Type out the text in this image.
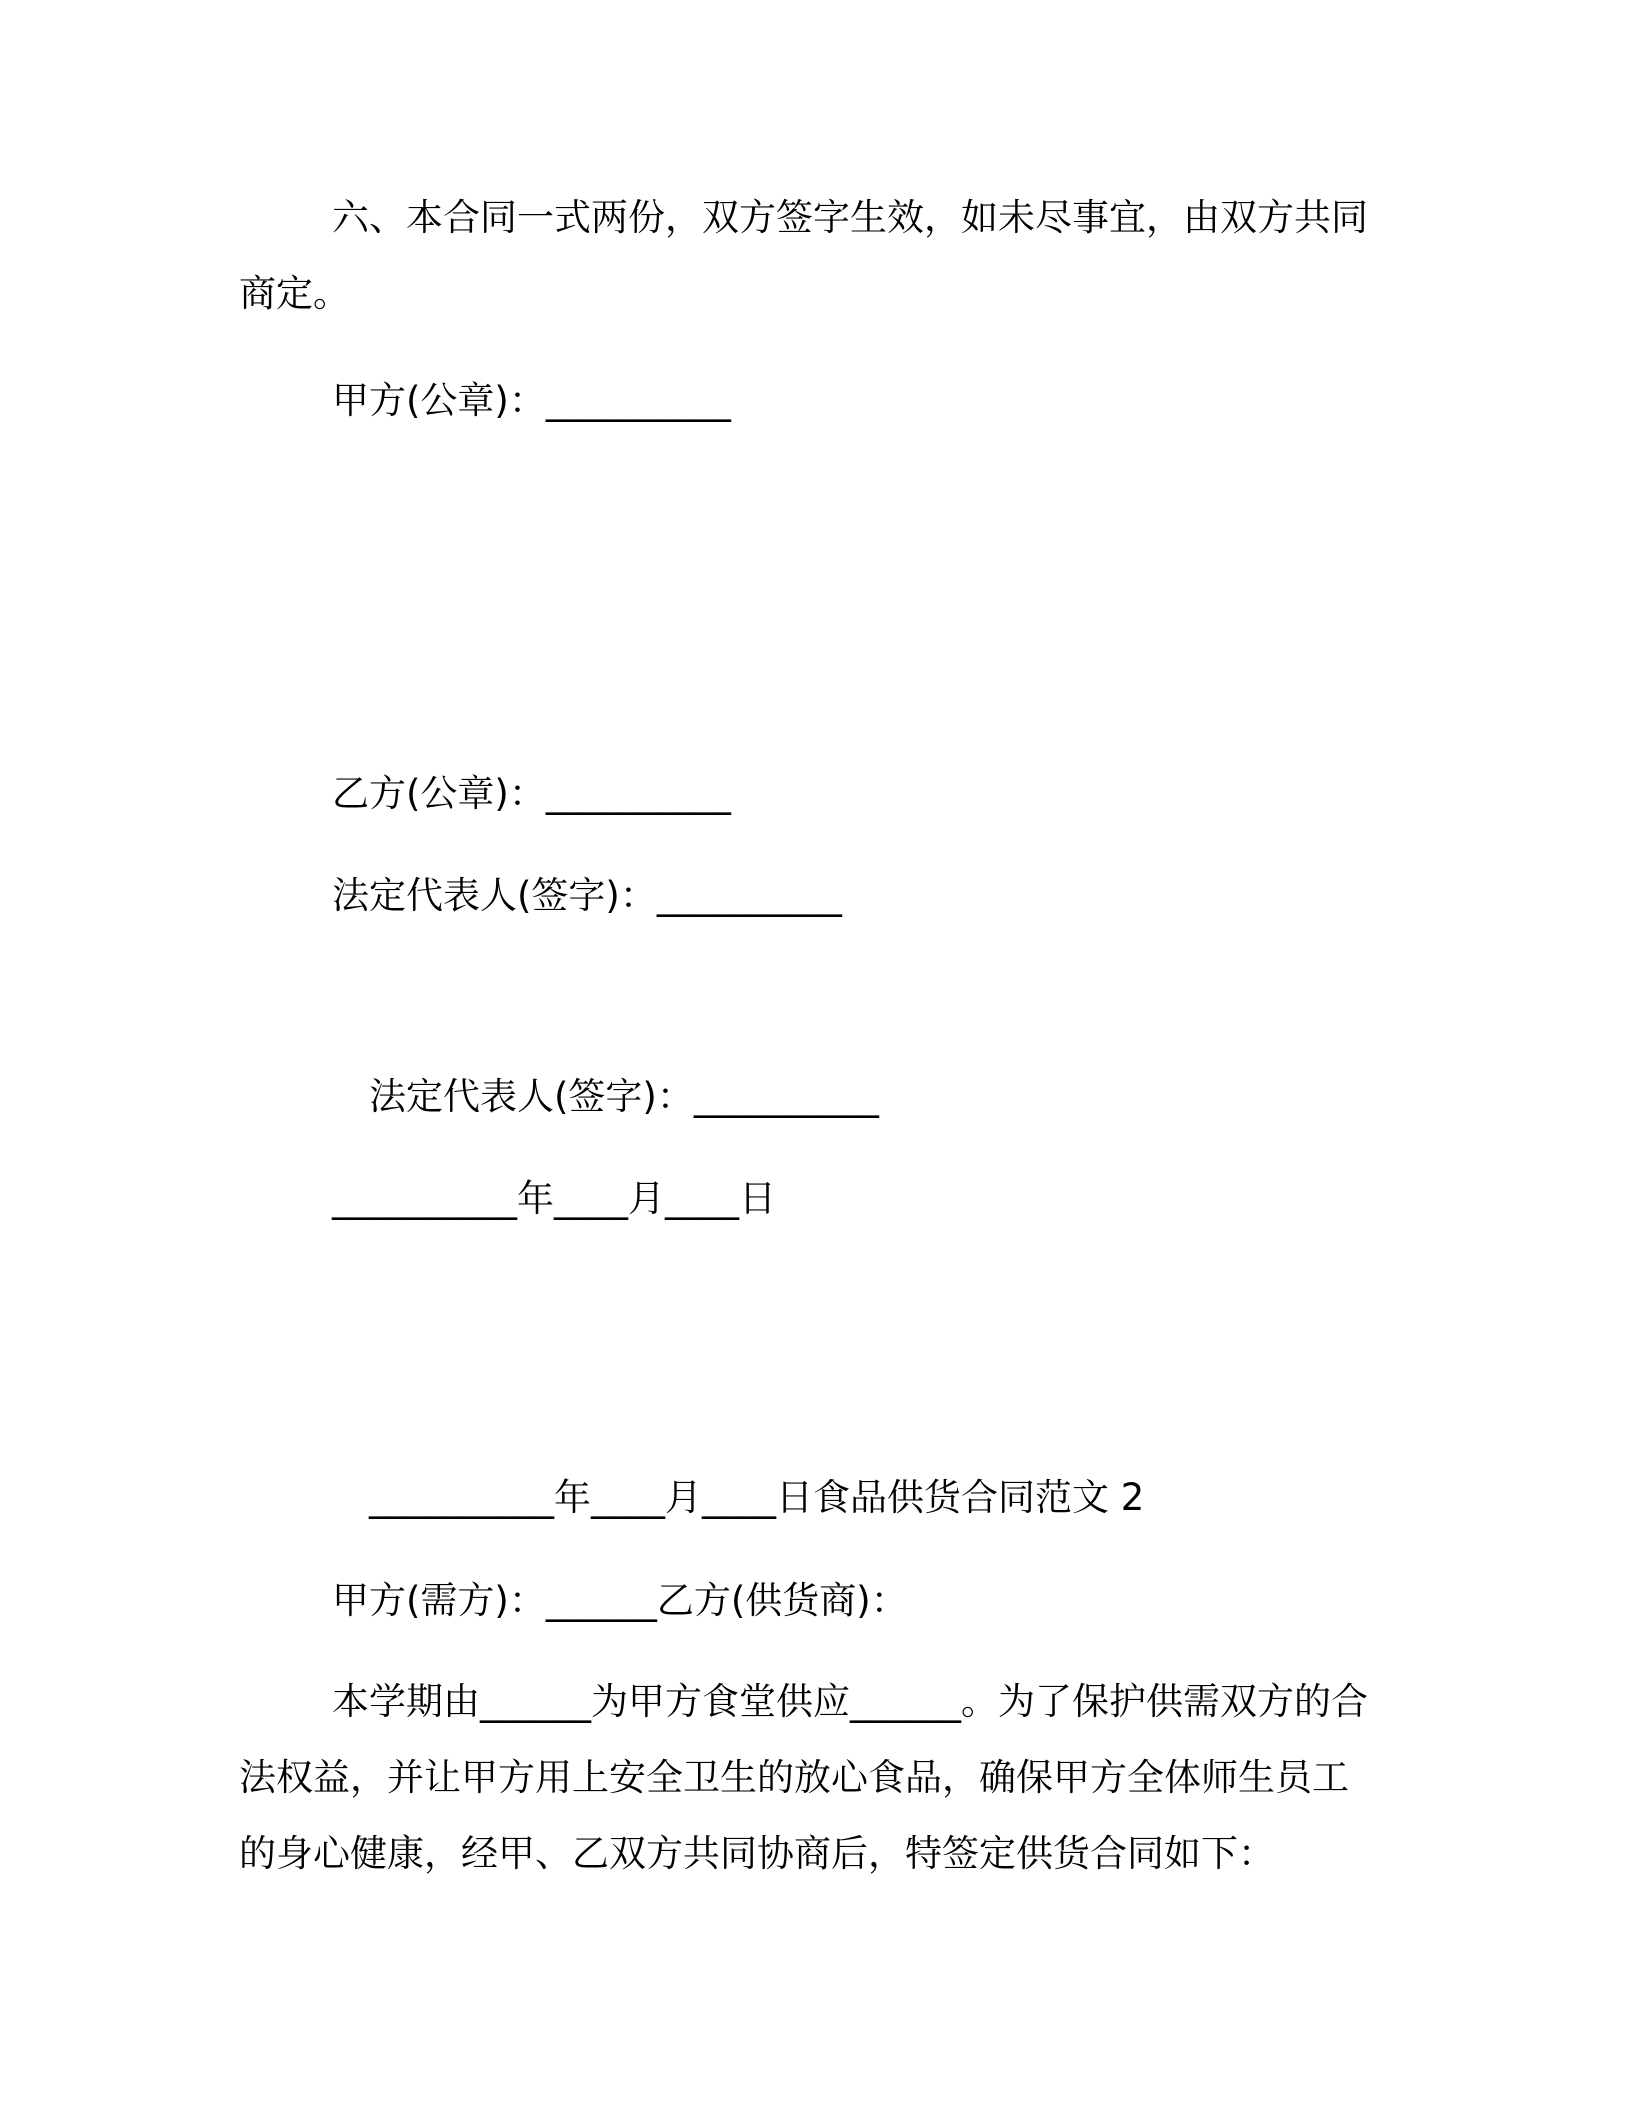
六、本合同一式两份，双方签字生效，如未尽事宜，由双方共同
商定。
甲方(公章)：__________
乙方(公章)：__________
法定代表人(签字)：__________
法定代表人(签字)：__________
__________年____月____日
__________年____月____日食品供货合同范文 2
甲方(需方)：______乙方(供货商)：
本学期由______为甲方食堂供应______。为了保护供需双方的合
法权益，并让甲方用上安全卫生的放心食品，确保甲方全体师生员工
的身心健康，经甲、乙双方共同协商后，特签定供货合同如下：
